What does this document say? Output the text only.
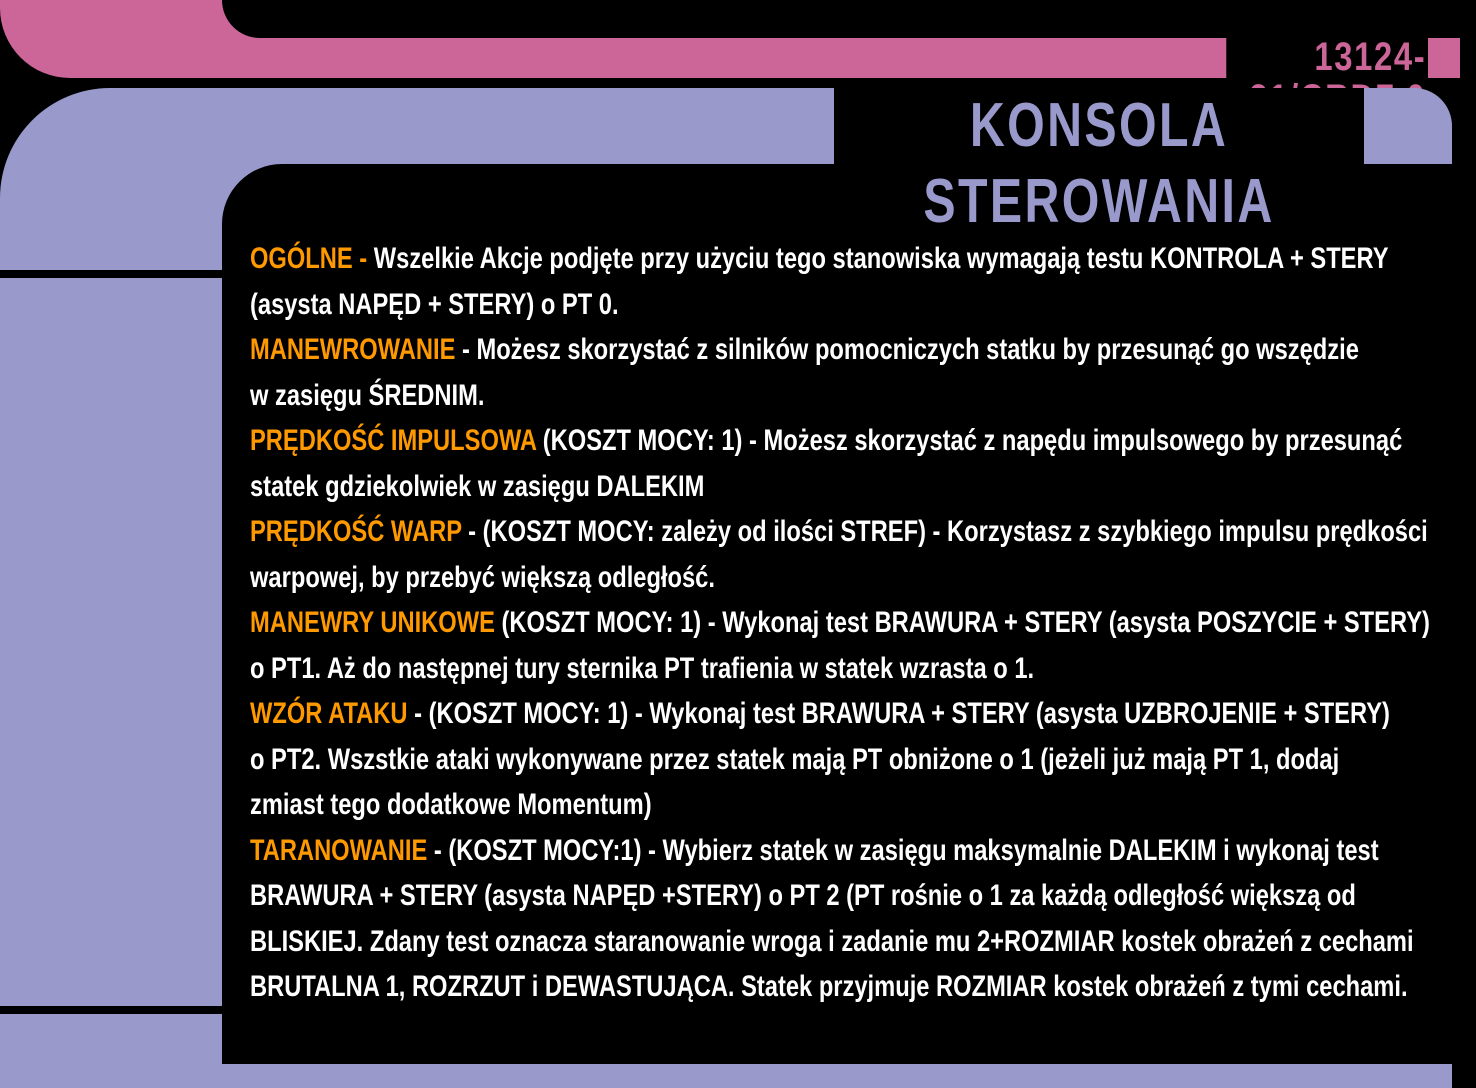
13124-
KONSOLA STEROWANIA
OGÓLNE - Wszelkie Akcje podjęte przy użyciu tego stanowiska wymagają testu KONTROLA + STERY
(asysta NAPĘD + STERY) o PT 0.
MANEWROWANIE - Możesz skorzystać z silników pomocniczych statku by przesunąć go wszędzie
w zasięgu ŚREDNIM.
PRĘDKOŚĆ IMPULSOWA (KOSZT MOCY: 1) - Możesz skorzystać z napędu impulsowego by przesunąć
statek gdziekolwiek w zasięgu DALEKIM
PRĘDKOŚĆ WARP - (KOSZT MOCY: zależy od ilości STREF) - Korzystasz z szybkiego impulsu prędkości
warpowej, by przebyć większą odległość.
MANEWRY UNIKOWE (KOSZT MOCY: 1) - Wykonaj test BRAWURA + STERY (asysta POSZYCIE + STERY)
o PT1. Aż do następnej tury sternika PT trafienia w statek wzrasta o 1.
WZÓR ATAKU - (KOSZT MOCY: 1) - Wykonaj test BRAWURA + STERY (asysta UZBROJENIE + STERY)
o PT2. Wszstkie ataki wykonywane przez statek mają PT obniżone o 1 (jeżeli już mają PT 1, dodaj
zmiast tego dodatkowe Momentum)
TARANOWANIE - (KOSZT MOCY:1) - Wybierz statek w zasięgu maksymalnie DALEKIM i wykonaj test
BRAWURA + STERY (asysta NAPĘD +STERY) o PT 2 (PT rośnie o 1 za każdą odległość większą od
BLISKIEJ. Zdany test oznacza staranowanie wroga i zadanie mu 2+ROZMIAR kostek obrażeń z cechami
BRUTALNA 1, ROZRZUT i DEWASTUJĄCA. Statek przyjmuje ROZMIAR kostek obrażeń z tymi cechami.
